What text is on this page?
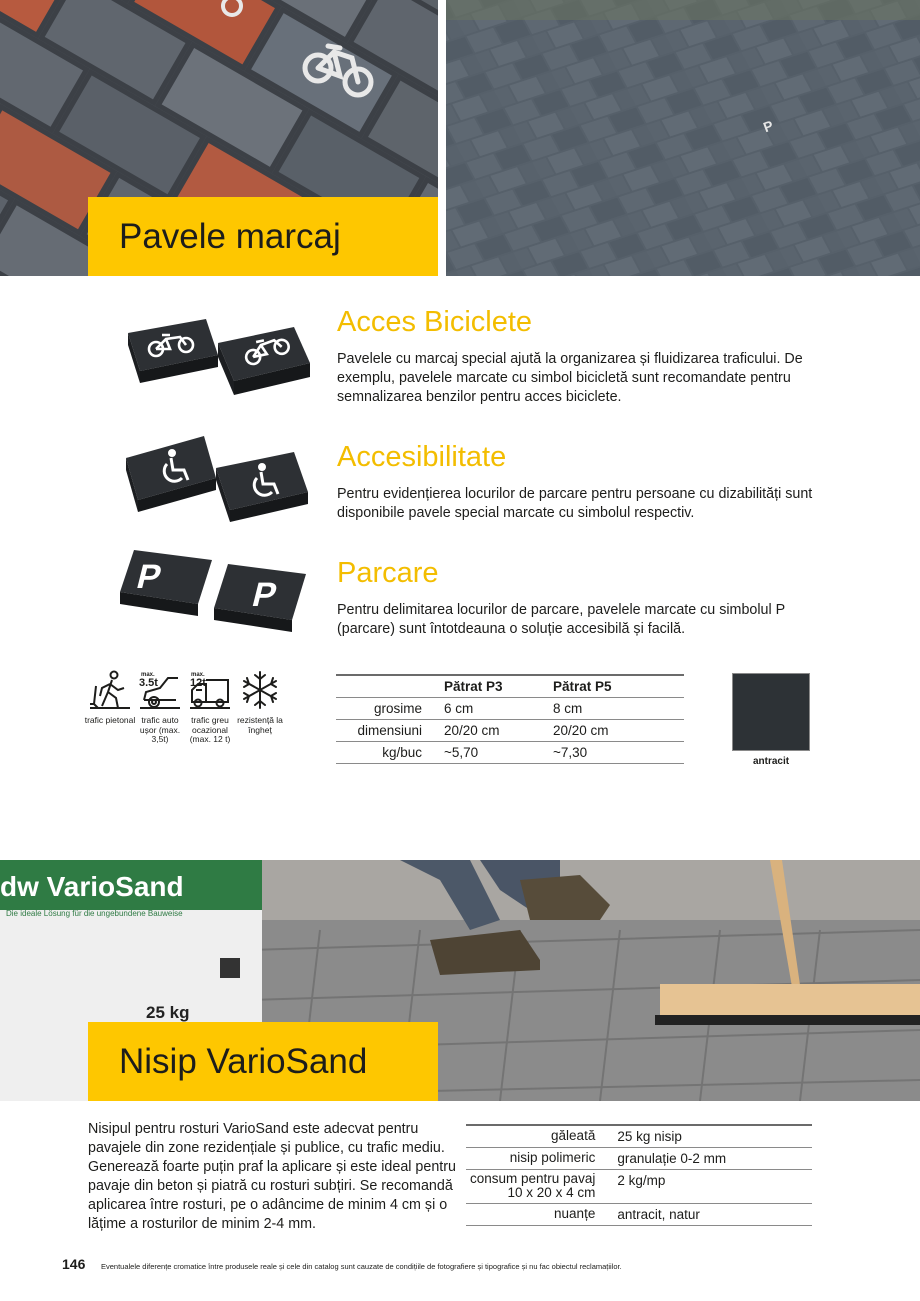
P
Pavele marcaj
Acces Biciclete
Pavelele cu marcaj special ajută la organizarea și fluidizarea traficului. De exemplu, pavelele marcate cu simbol bicicletă sunt recomandate pentru semnalizarea benzilor pentru acces biciclete.
Accesibilitate
Pentru evidențierea locurilor de parcare pentru persoane cu dizabilități sunt disponibile pavele special marcate cu simbolul respectiv.
P P
Parcare
Pentru delimitarea locurilor de parcare, pavelele marcate cu simbolul P (parcare) sunt întotdeauna o soluție accesibilă și facilă.
trafic pietonal
max.
3.5t
trafic auto ușor (max. 3,5t)
max.
12t
trafic greu ocazional (max. 12 t)
rezistență la îngheț
	Pătrat P3	Pătrat P5
grosime	6 cm	8 cm
dimensiuni	20/20 cm	20/20 cm
kg/buc	~5,70	~7,30
antracit
dw VarioSand
Die ideale Lösung für die ungebundene Bauweise
25 kg
Nisip VarioSand
Nisipul pentru rosturi VarioSand este adecvat pentru pavajele din zone rezidențiale și publice, cu trafic mediu. Generează foarte puțin praf la aplicare și este ideal pentru pavaje din beton și piatră cu rosturi subțiri. Se recomandă aplicarea între rosturi, pe o adâncime de minim 4 cm și o lățime a rosturilor de minim 2-4 mm.
găleată	25 kg nisip
nisip polimeric	granulație 0-2 mm
consum pentru pavaj
10 x 20 x 4 cm	2 kg/mp
nuanțe	antracit, natur
146 Eventualele diferențe cromatice între produsele reale și cele din catalog sunt cauzate de condițiile de fotografiere și tipografice și nu fac obiectul reclamațiilor.
